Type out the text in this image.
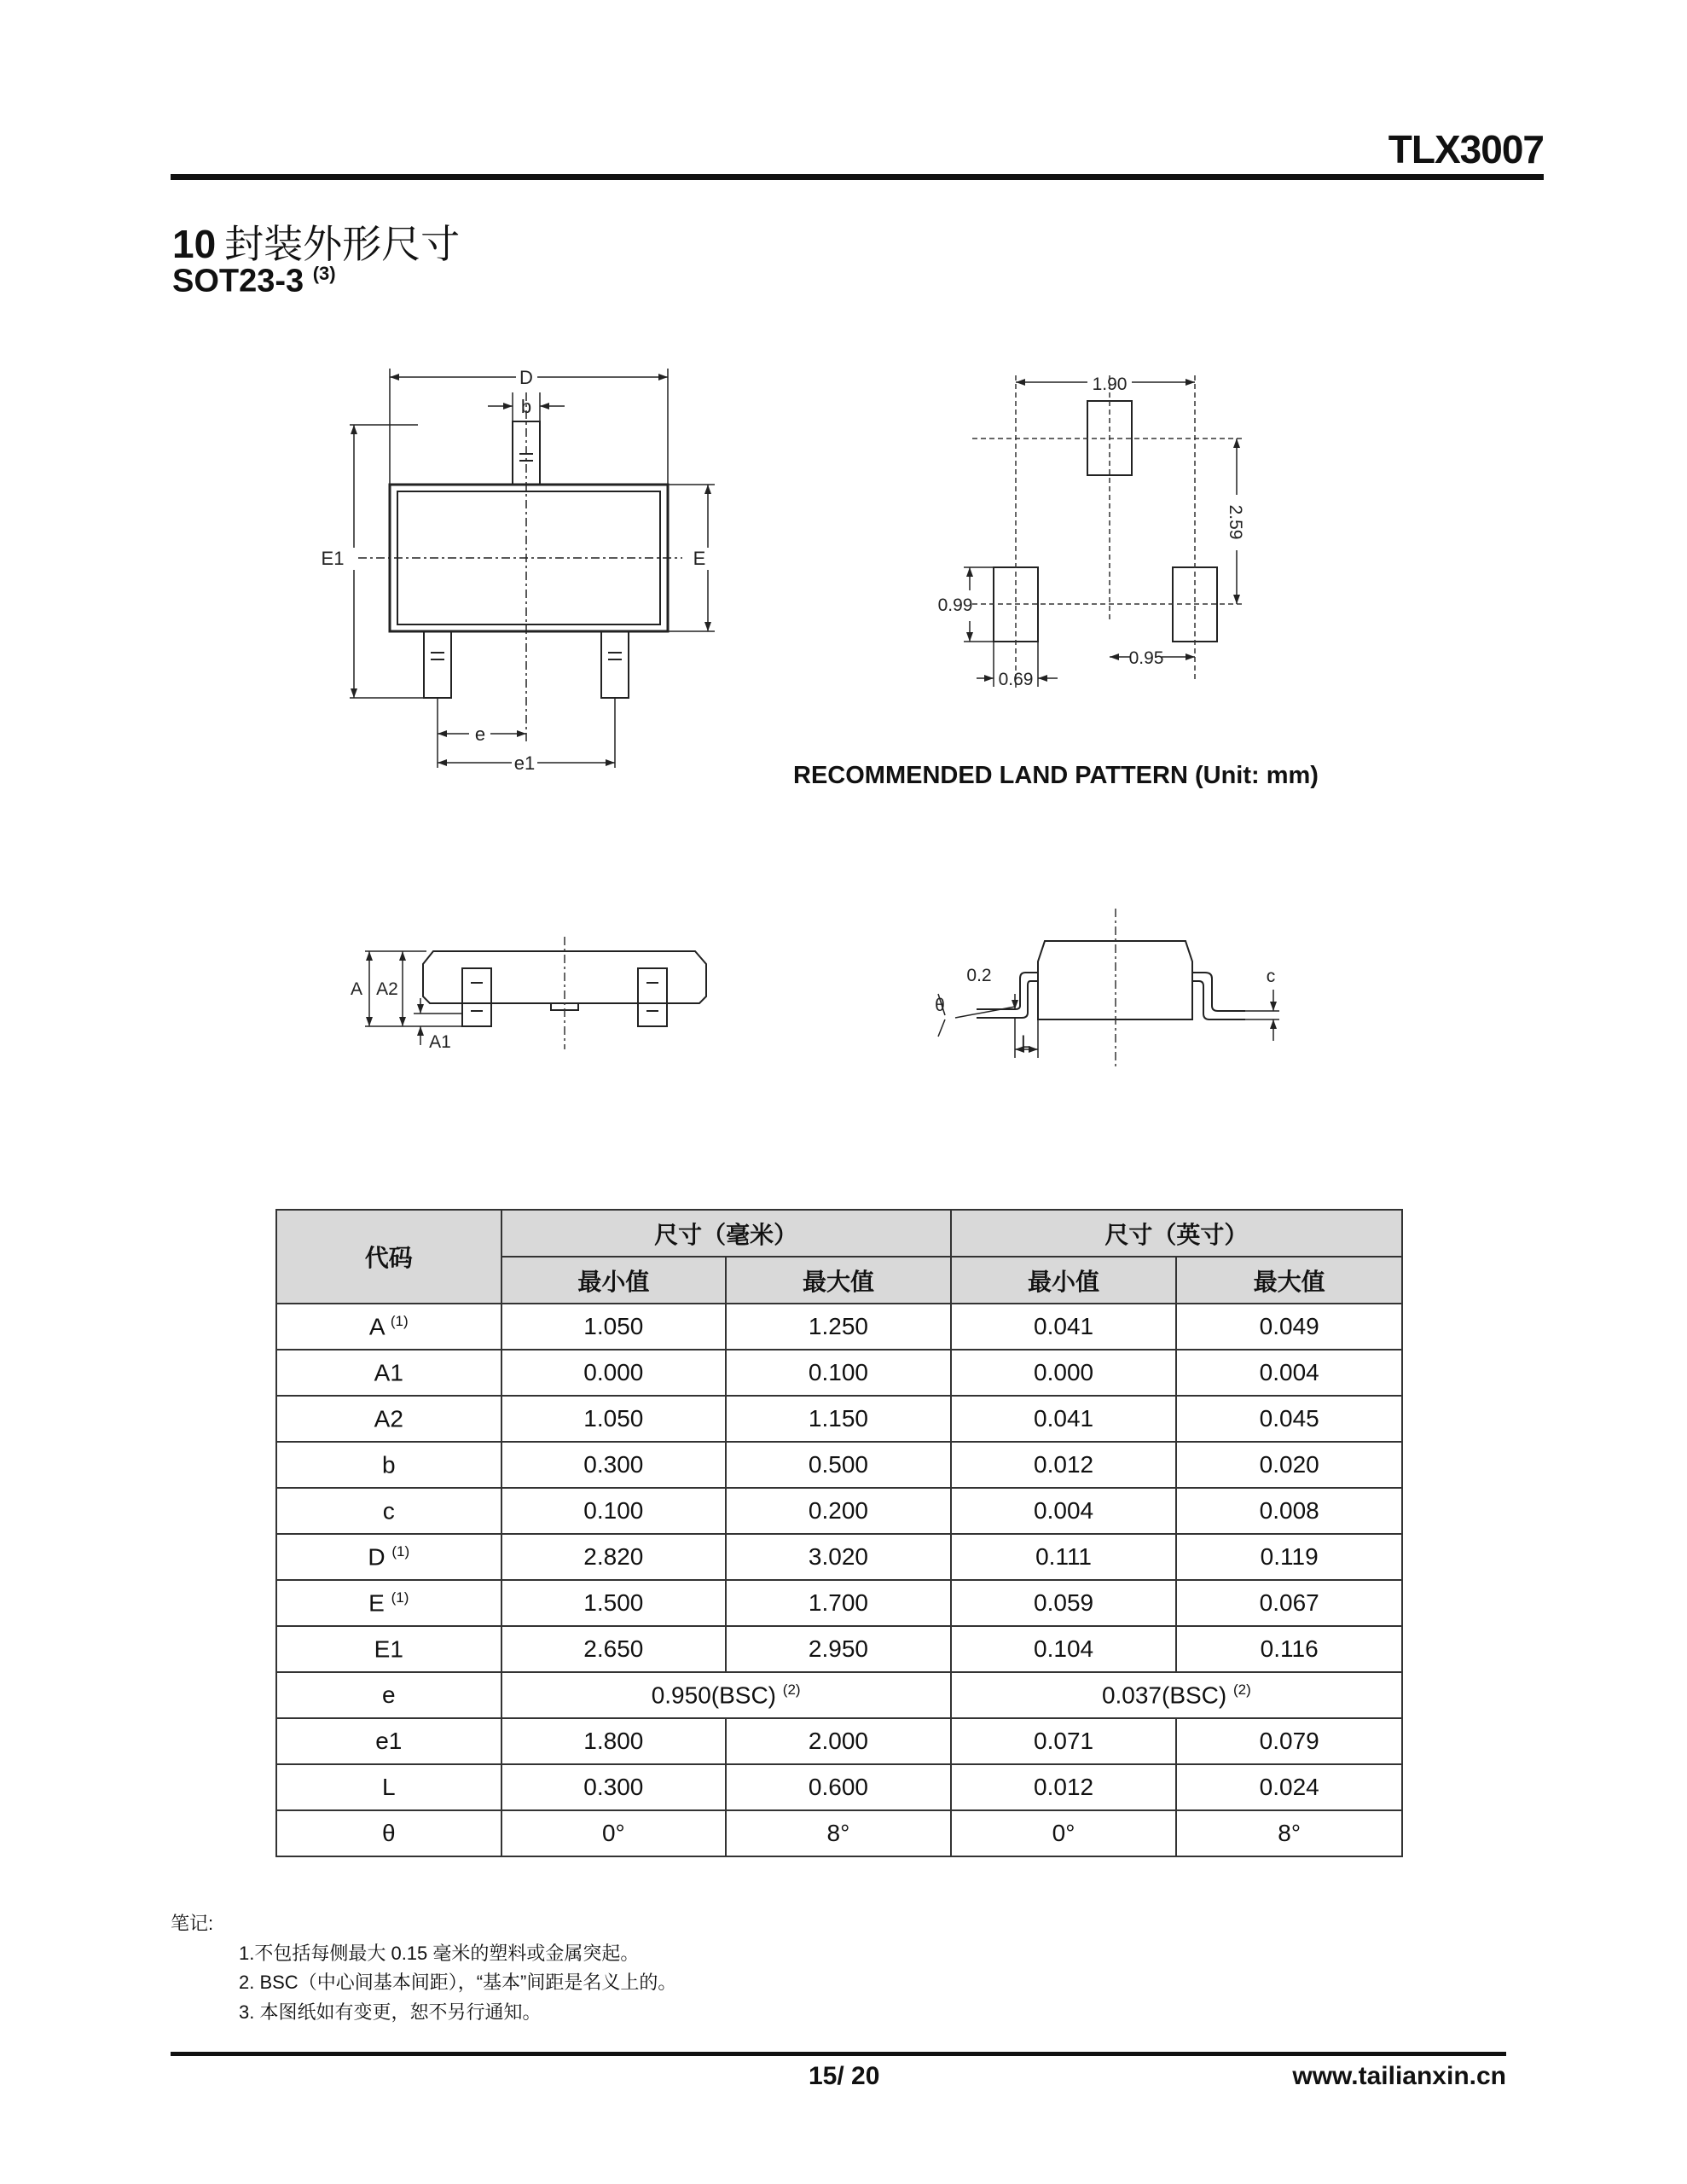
TLX3007
10 封装外形尺寸
SOT23-3 $^{(3)}$
D
b
E1	E
e
e1
1.90
2.59
0.99
0.69
0.95
RECOMMENDED LAND PATTERN (Unit: mm)
A A2
A1
0.2
θ
L
c
代码	尺寸（毫米）		尺寸（英寸）	
	最小值	最大值	最小值	最大值
A $^{(1)}$	1.050	1.250	0.041	0.049
A1	0.000	0.100	0.000	0.004
A2	1.050	1.150	0.041	0.045
b	0.300	0.500	0.012	0.020
c	0.100	0.200	0.004	0.008
D $^{(1)}$	2.820	3.020	0.111	0.119
E $^{(1)}$	1.500	1.700	0.059	0.067
E1	2.650	2.950	0.104	0.116
e	0.950(BSC) $^{(2)}$		0.037(BSC) $^{(2)}$
e1	1.800	2.000	0.071	0.079
L	0.300	0.600	0.012	0.024
θ	0°	8°	0°	8°
笔记:
1.不包括每侧最大 0.15 毫米的塑料或金属突起。
2. BSC（中心间基本间距），“基本”间距是名义上的。
3. 本图纸如有变更，恕不另行通知。
15/ 20	www.tailianxin.cn
